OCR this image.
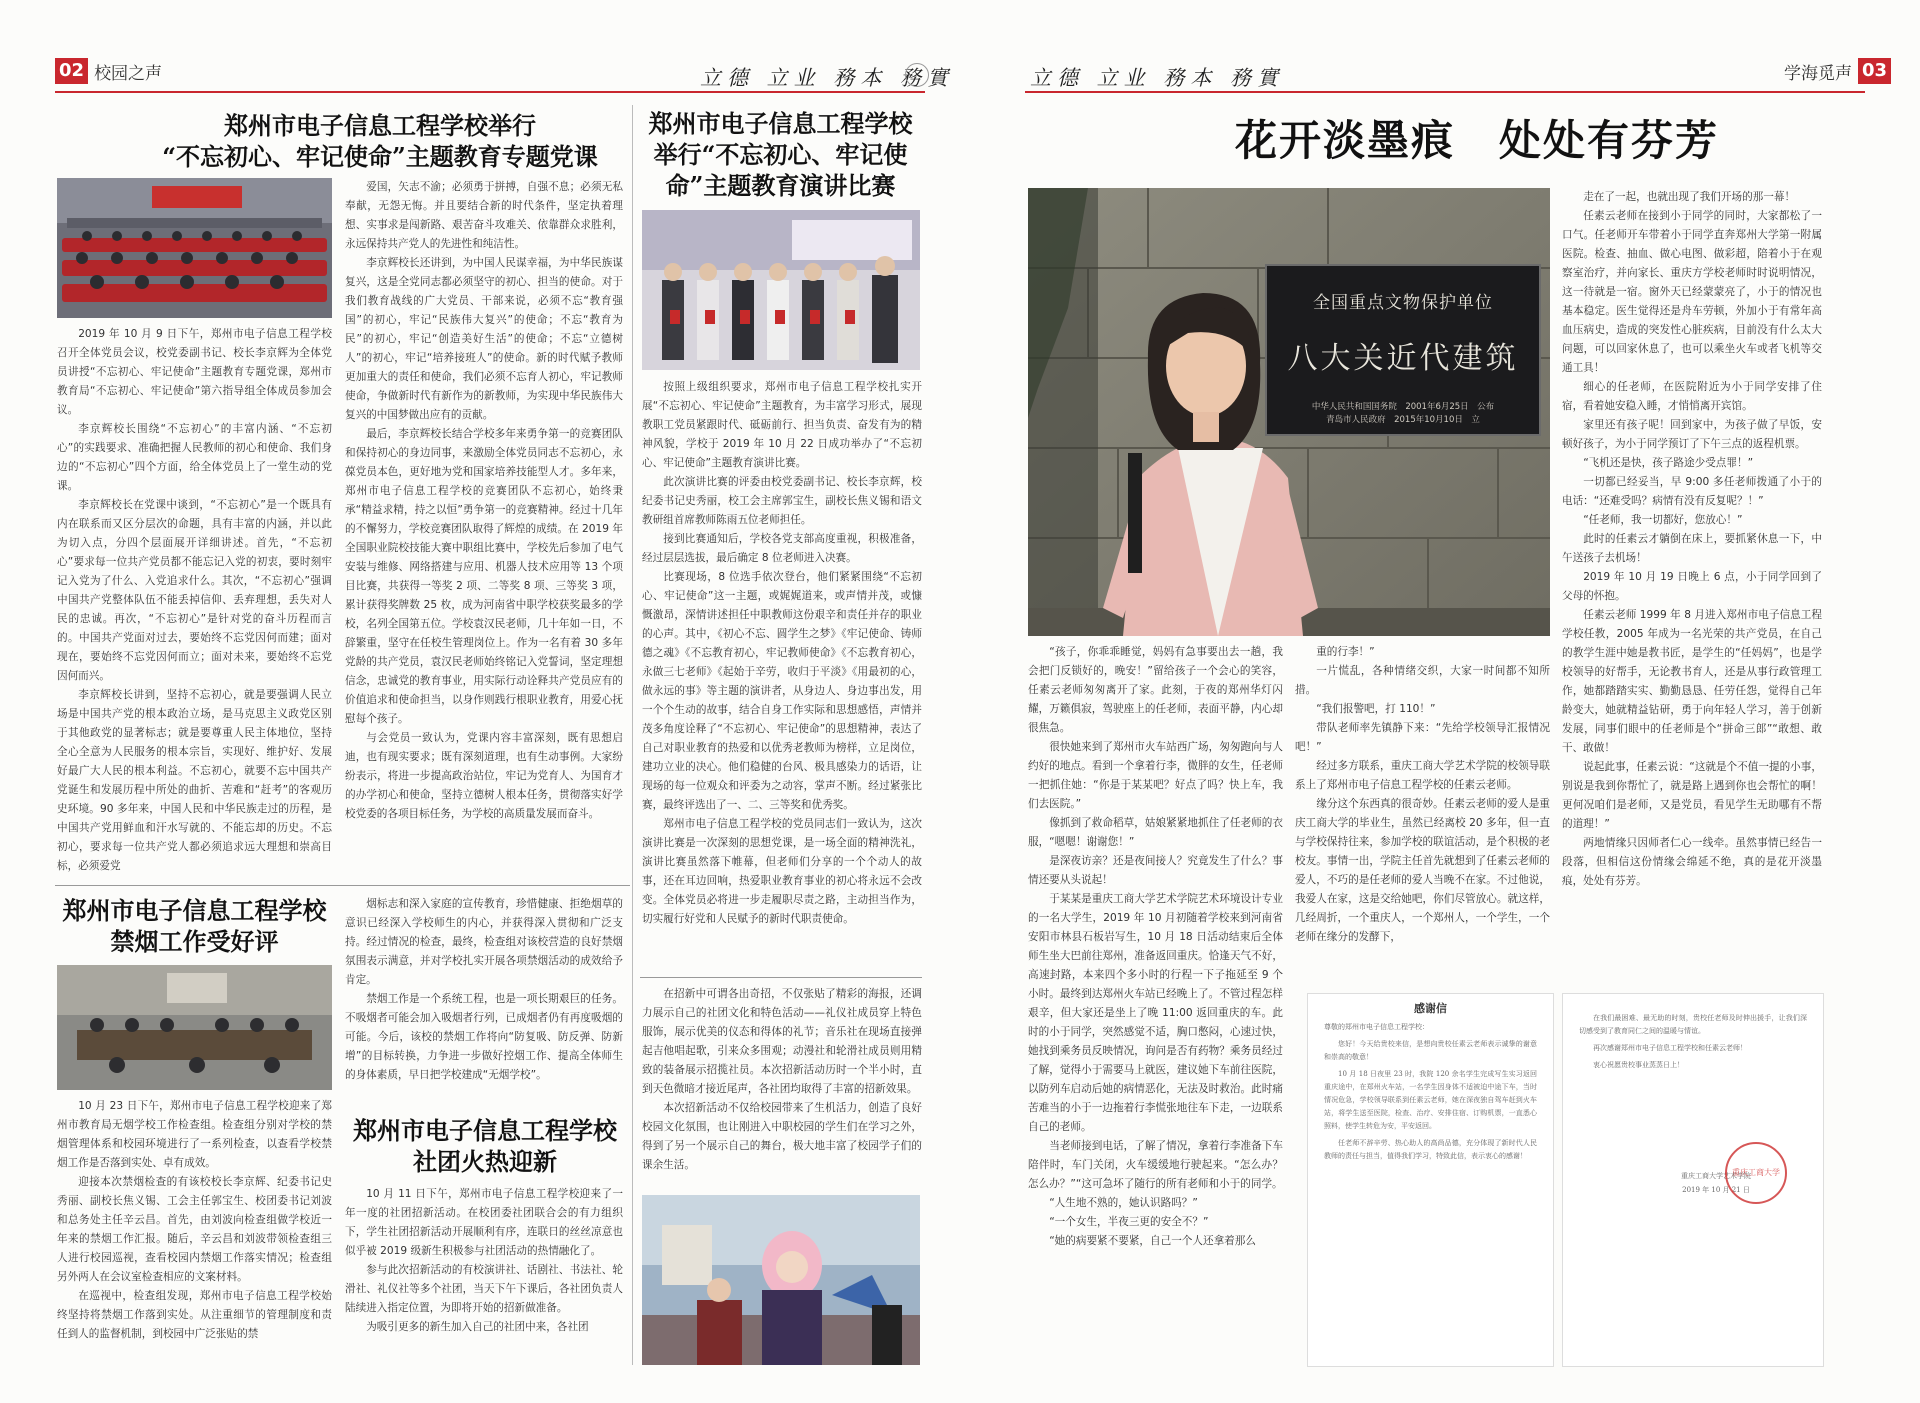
02 校园之声	立德 立业 務本 務實
郑州市电子信息工程学校举行
“不忘初心、牢记使命”主题教育专题党课

2019 年 10 月 9 日下午，郑州市电子信息工程学校召开全体党员会议，校党委副书记、校长李京辉为全体党员讲授“不忘初心、牢记使命”主题教育专题党课，郑州市教育局“不忘初心、牢记使命”第六指导组全体成员参加会议。

李京辉校长围绕“不忘初心”的丰富内涵、“不忘初心”的实践要求、准确把握人民教师的初心和使命、我们身边的“不忘初心”四个方面，给全体党员上了一堂生动的党课。

李京辉校长在党课中谈到，“不忘初心”是一个既具有内在联系而又区分层次的命题，具有丰富的内涵，并以此为切入点，分四个层面展开详细讲述。首先，“不忘初心”要求每一位共产党员都不能忘记入党的初衷，要时刻牢记入党为了什么、入党追求什么。其次，“不忘初心”强调中国共产党整体队伍不能丢掉信仰、丢弃理想，丢失对人民的忠诚。再次，“不忘初心”是针对党的奋斗历程而言的。中国共产党面对过去，要始终不忘党因何而建；面对现在，要始终不忘党因何而立；面对未来，要始终不忘党因何而兴。

李京辉校长讲到，坚持不忘初心，就是要强调人民立场是中国共产党的根本政治立场，是马克思主义政党区别于其他政党的显著标志；就是要尊重人民主体地位，坚持全心全意为人民服务的根本宗旨，实现好、维护好、发展好最广大人民的根本利益。不忘初心，就要不忘中国共产党诞生和发展历程中所处的曲折、苦难和“赶考”的客观历史环境。90 多年来，中国人民和中华民族走过的历程，是中国共产党用鲜血和汗水写就的、不能忘却的历史。不忘初心，要求每一位共产党人都必须追求远大理想和崇高目标，必须爱党

爱国，矢志不渝；必须勇于拼搏，自强不息；必须无私奉献，无怨无悔。并且要结合新的时代条件，坚定执着理想、实事求是闯新路、艰苦奋斗攻难关、依靠群众求胜利，永远保持共产党人的先进性和纯洁性。

李京辉校长还讲到，为中国人民谋幸福，为中华民族谋复兴，这是全党同志都必须坚守的初心、担当的使命。对于我们教育战线的广大党员、干部来说，必须不忘“教育强国”的初心，牢记“民族伟大复兴”的使命；不忘“教育为民”的初心，牢记“创造美好生活”的使命；不忘“立德树人”的初心，牢记“培养接班人”的使命。新的时代赋予教师更加重大的责任和使命，我们必须不忘育人初心，牢记教师使命，争做新时代有新作为的新教师，为实现中华民族伟大复兴的中国梦做出应有的贡献。

最后，李京辉校长结合学校多年来勇争第一的竞赛团队和保持初心的身边同事，来激励全体党员同志不忘初心，永葆党员本色，更好地为党和国家培养技能型人才。多年来，郑州市电子信息工程学校的竞赛团队不忘初心，始终秉承“精益求精，持之以恒”勇争第一的竞赛精神。经过十几年的不懈努力，学校竞赛团队取得了辉煌的成绩。在 2019 年全国职业院校技能大赛中职组比赛中，学校先后参加了电气安装与维修、网络搭建与应用、机器人技术应用等 13 个项目比赛，共获得一等奖 2 项、二等奖 8 项、三等奖 3 项，累计获得奖牌数 25 枚，成为河南省中职学校获奖最多的学校，名列全国第五位。学校袁汉民老师，几十年如一日，不辞繁重，坚守在任校生管理岗位上。作为一名有着 30 多年党龄的共产党员，袁汉民老师始终铭记入党誓词，坚定理想信念，忠诚党的教育事业，用实际行动诠释共产党员应有的价值追求和使命担当，以身作则践行根职业教育，用爱心抚慰每个孩子。

与会党员一致认为，党课内容丰富深刻，既有思想启迪，也有现实要求；既有深刻道理，也有生动事例。大家纷纷表示，将进一步提高政治站位，牢记为党育人、为国育才的办学初心和使命，坚持立德树人根本任务，贯彻落实好学校党委的各项目标任务，为学校的高质量发展而奋斗。

郑州市电子信息工程学校
举行“不忘初心、牢记使
命”主题教育演讲比赛

按照上级组织要求，郑州市电子信息工程学校扎实开展“不忘初心、牢记使命”主题教育，为丰富学习形式，展现教职工党员紧跟时代、砥砺前行、担当负责、奋发有为的精神风貌，学校于 2019 年 10 月 22 日成功举办了“不忘初心、牢记使命”主题教育演讲比赛。

此次演讲比赛的评委由校党委副书记、校长李京辉，校纪委书记史秀丽，校工会主席郭宝生，副校长焦义锡和语文教研组首席教师陈雨五位老师担任。

接到比赛通知后，学校各党支部高度重视，积极准备，经过层层选拔，最后确定 8 位老师进入决赛。

比赛现场，8 位选手依次登台，他们紧紧围绕“不忘初心、牢记使命”这一主题，或娓娓道来，或声情并茂，或慷慨激昂，深情讲述担任中职教师这份艰辛和责任并存的职业的心声。其中，《初心不忘、圆学生之梦》《牢记使命、铸师德之魂》《不忘教育初心，牢记教师使命》《不忘教育初心，永做三七老师》《起始于辛劳，收归于平淡》《用最初的心，做永远的事》等主题的演讲者，从身边人、身边事出发，用一个个生动的故事，结合自身工作实际和思想感悟，声情并茂多角度诠释了“不忘初心、牢记使命”的思想精神，表达了自己对职业教育的热爱和以优秀老教师为榜样，立足岗位，建功立业的决心。他们稳健的台风、极具感染力的话语，让现场的每一位观众和评委为之动容，掌声不断。经过紧张比赛，最终评选出了一、二、三等奖和优秀奖。

郑州市电子信息工程学校的党员同志们一致认为，这次演讲比赛是一次深刻的思想党课，是一场全面的精神洗礼，演讲比赛虽然落下帷幕，但老师们分享的一个个动人的故事，还在耳边回响，热爱职业教育事业的初心将永远不会改变。全体党员必将进一步走履职尽责之路，主动担当作为，切实履行好党和人民赋予的新时代职责使命。

郑州市电子信息工程学校
禁烟工作受好评

10 月 23 日下午，郑州市电子信息工程学校迎来了郑州市教育局无烟学校工作检查组。检查组分别对学校的禁烟管理体系和校园环境进行了一系列检查，以查看学校禁烟工作是否落到实处、卓有成效。

迎接本次禁烟检查的有该校校长李京辉、纪委书记史秀丽、副校长焦义锡、工会主任郭宝生、校团委书记刘波和总务处主任辛云昌。首先，由刘波向检查组做学校近一年来的禁烟工作汇报。随后，辛云昌和刘波带领检查组三人进行校园巡视，查看校园内禁烟工作落实情况；检查组另外两人在会议室检查相应的文案材料。

在巡视中，检查组发现，郑州市电子信息工程学校始终坚持将禁烟工作落到实处。从注重细节的管理制度和责任到人的监督机制，到校园中广泛张贴的禁

烟标志和深入家庭的宣传教育，珍惜健康、拒绝烟草的意识已经深入学校师生的内心，并获得深入贯彻和广泛支持。经过情况的检查，最终，检查组对该校营造的良好禁烟氛围表示满意，并对学校扎实开展各项禁烟活动的成效给予肯定。

禁烟工作是一个系统工程，也是一项长期艰巨的任务。不吸烟者可能会加入吸烟者行列，已成烟者仍有再度吸烟的可能。今后，该校的禁烟工作将向“防复吸、防反弹、防新增”的目标转换，力争进一步做好控烟工作、提高全体师生的身体素质，早日把学校建成“无烟学校”。

郑州市电子信息工程学校
社团火热迎新

10 月 11 日下午，郑州市电子信息工程学校迎来了一年一度的社团招新活动。在校团委社团联合会的有力组织下，学生社团招新活动开展顺利有序，连联日的丝丝凉意也似乎被 2019 级新生积极参与社团活动的热情融化了。

参与此次招新活动的有校演讲社、话剧社、书法社、轮滑社、礼仪社等多个社团，当天下午下课后，各社团负责人陆续进入指定位置，为即将开始的招新做准备。

为吸引更多的新生加入自己的社团中来，各社团

在招新中可谓各出奇招，不仅张贴了精彩的海报，还调力展示自己的社团文化和特色活动——礼仪社成员穿上特色服饰，展示优美的仪态和得体的礼节；音乐社在现场直接弹起吉他唱起歌，引来众多围观；动漫社和轮滑社成员则用精致的装备展示招揽社员。本次招新活动历时一个半小时，直到天色微暗才接近尾声，各社团均取得了丰富的招新效果。

本次招新活动不仅给校园带来了生机活力，创造了良好校园文化氛围，也让刚进入中职校园的学生们在学习之外，得到了另一个展示自己的舞台，极大地丰富了校园学子们的课余生活。

立德 立业 務本 務實	学海觅声 03
花开淡墨痕　处处有芬芳
全国重点文物保护单位
八大关近代建筑
中华人民共和国国务院　2001年6月25日　公布
青岛市人民政府　2015年10月10日　立

“孩子，你乖乖睡觉，妈妈有急事要出去一趟，我会把门反锁好的，晚安！”留给孩子一个会心的笑容，任素云老师匆匆离开了家。此刻，于夜的郑州华灯闪耀，万籁俱寂，驾驶座上的任老师，表面平静，内心却很焦急。

很快她来到了郑州市火车站西广场，匆匆跑向与人约好的地点。看到一个拿着行李，微胖的女生，任老师一把抓住她：“你是于某某吧？好点了吗？快上车，我们去医院。”

像抓到了救命稻草，姑娘紧紧地抓住了任老师的衣服，“嗯嗯！谢谢您！”

是深夜访亲？还是夜间接人？究竟发生了什么？事情还要从头说起！

于某某是重庆工商大学艺术学院艺术环境设计专业的一名大学生，2019 年 10 月初随着学校来到河南省安阳市林县石板岩写生，10 月 18 日活动结束后全体师生坐大巴前往郑州，准备返回重庆。恰逢天气不好，高速封路，本来四个多小时的行程一下子拖延至 9 个小时。最终到达郑州火车站已经晚上了。不管过程怎样艰辛，但大家还是坐上了晚 11:00 返回重庆的车。此时的小于同学，突然感觉不适，胸口憋闷，心速过快，她找到乘务员反映情况，询问是否有药物？乘务员经过了解，觉得小于需要马上就医，建议她下车前往医院，以防列车启动后她的病情恶化，无法及时救治。此时痛苦难当的小于一边拖着行李慌张地往车下走，一边联系自己的老师。

当老师接到电话，了解了情况，拿着行李准备下车陪伴时，车门关闭，火车缓缓地行驶起来。“怎么办？怎么办？”“这可急坏了随行的所有老师和小于的同学。

“人生地不熟的，她认识路吗？”

“一个女生，半夜三更的安全不？”

“她的病要紧不要紧，自己一个人还拿着那么

重的行李！”

一片慌乱，各种情绪交织，大家一时间都不知所措。

“我们报警吧，打 110！”

带队老师率先镇静下来：“先给学校领导汇报情况吧！”

经过多方联系，重庆工商大学艺术学院的校领导联系上了郑州市电子信息工程学校的任素云老师。

缘分这个东西真的很奇妙。任素云老师的爱人是重庆工商大学的毕业生，虽然已经离校 20 多年，但一直与学校保持往来，参加学校的联谊活动，是个积极的老校友。事情一出，学院主任首先就想到了任素云老师的爱人，不巧的是任老师的爱人当晚不在家。不过他说，我爱人在家，这是交给她吧，你们尽管放心。就这样，几经周折，一个重庆人，一个郑州人，一个学生，一个老师在缘分的发酵下，

走在了一起，也就出现了我们开场的那一幕！

任素云老师在接到小于同学的同时，大家都松了一口气。任老师开车带着小于同学直奔郑州大学第一附属医院。检查、抽血、做心电图、做彩超，陪着小于在观察室治疗，并向家长、重庆方学校老师时时说明情况，这一待就是一宿。窗外天已经蒙蒙亮了，小于的情况也基本稳定。医生觉得还是舟车劳顿，外加小于有常年高血压病史，造成的突发性心脏疾病，目前没有什么太大问题，可以回家休息了，也可以乘坐火车或者飞机等交通工具！

细心的任老师，在医院附近为小于同学安排了住宿，看着她安稳入睡，才悄悄离开宾馆。

家里还有孩子呢！回到家中，为孩子做了早饭，安顿好孩子，为小于同学预订了下午三点的返程机票。

“飞机还是快，孩子路途少受点罪！”

一切都已经妥当，早 9:00 多任老师拨通了小于的电话：“还难受吗？病情有没有反复呢？！”

“任老师，我一切都好，您放心！”

此时的任素云才躺倒在床上，要抓紧休息一下，中午送孩子去机场！

2019 年 10 月 19 日晚上 6 点，小于同学回到了父母的怀抱。

任素云老师 1999 年 8 月进入郑州市电子信息工程学校任教，2005 年成为一名光荣的共产党员，在自己的教学生涯中她是教书匠，是学生的“任妈妈”，也是学校领导的好帮手，无论教书育人，还是从事行政管理工作，她都踏踏实实、勤勤恳恳、任劳任怨，觉得自己年龄变大，她就精益钻研，勇于向年轻人学习，善于创新发展，同事们眼中的任老师是个“拼命三郎”“敢想、敢干、敢做！

说起此事，任素云说：“这就是个不值一提的小事，别说是我到你帮忙了，就是路上遇到你也会帮忙的啊！更何况咱们是老师，又是党员，看见学生无助哪有不帮的道理！”

两地情缘只因师者仁心一线牵。虽然事情已经告一段落，但相信这份情缘会绵延不绝，真的是花开淡墨痕，处处有芬芳。

感谢信

尊敬的郑州市电子信息工程学校：

您好！今天给贵校来信，是想向贵校任素云老师表示诚挚的谢意和崇高的敬意！

10 月 18 日夜里 23 时，我院 120 余名学生完成写生实习返回重庆途中，在郑州火车站，一名学生因身体不适被迫中途下车，当时情况危急，学校领导联系到任素云老师，她在深夜独自驾车赶到火车站，将学生送至医院，检查、治疗、安排住宿、订购机票，一直悉心照料，使学生转危为安，平安返回。

任老师不辞辛劳、热心助人的高尚品德，充分体现了新时代人民教师的责任与担当，值得我们学习，特致此信，表示衷心的感谢！

在我们最困难、最无助的时刻，贵校任老师及时伸出援手，让我们深切感受到了教育同仁之间的温暖与情谊。

再次感谢郑州市电子信息工程学校和任素云老师！

衷心祝愿贵校事业蒸蒸日上！

重庆工商大学艺术学院
2019 年 10 月 21 日
重庆工商大学
